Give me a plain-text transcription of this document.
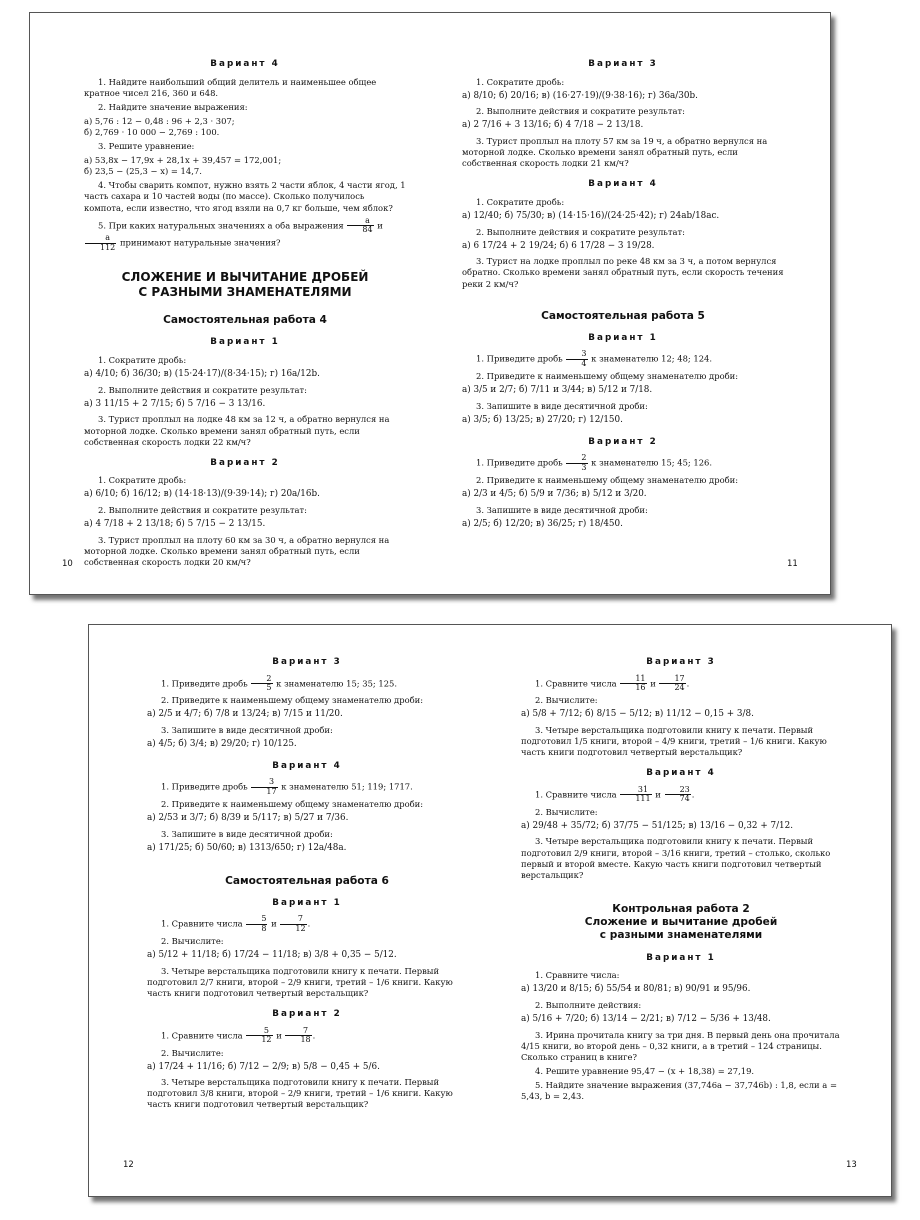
Вариант 4

1. Найдите наибольший общий делитель и наименьшее общее кратное чисел 216, 360 и 648.

2. Найдите значение выражения:

а) 5,76 : 12 − 0,48 : 96 + 2,3 · 307;

б) 2,769 · 10 000 − 2,769 : 100.

3. Решите уравнение:

а) 53,8x − 17,9x + 28,1x + 39,457 = 172,001;

б) 23,5 − (25,3 − x) = 14,7.

4. Чтобы сварить компот, нужно взять 2 части яблок, 4 части ягод, 1 часть сахара и 10 частей воды (по массе). Сколько получилось компота, если известно, что ягод взяли на 0,7 кг больше, чем яблок?

5. При каких натуральных значениях a оба выражения $\frac{a}{84}$ и
$\frac{a}{112}$ принимают натуральные значения?

СЛОЖЕНИЕ И ВЫЧИТАНИЕ ДРОБЕЙ
С РАЗНЫМИ ЗНАМЕНАТЕЛЯМИ
Самостоятельная работа 4
Вариант 1

1. Сократите дробь:

а) 4/10; б) 36/30; в) (15·24·17)/(8·34·15); г) 16a/12b.

2. Выполните действия и сократите результат:

а) 3 11/15 + 2 7/15; б) 5 7/16 − 3 13/16.

3. Турист проплыл на лодке 48 км за 12 ч, а обратно вернулся на моторной лодке. Сколько времени занял обратный путь, если собственная скорость лодки 22 км/ч?

Вариант 2

1. Сократите дробь:

а) 6/10; б) 16/12; в) (14·18·13)/(9·39·14); г) 20a/16b.

2. Выполните действия и сократите результат:

а) 4 7/18 + 2 13/18; б) 5 7/15 − 2 13/15.

3. Турист проплыл на плоту 60 км за 30 ч, а обратно вернулся на моторной лодке. Сколько времени занял обратный путь, если собственная скорость лодки 20 км/ч?

10
Вариант 3

1. Сократите дробь:

а) 8/10; б) 20/16; в) (16·27·19)/(9·38·16); г) 36a/30b.

2. Выполните действия и сократите результат:

а) 2 7/16 + 3 13/16; б) 4 7/18 − 2 13/18.

3. Турист проплыл на плоту 57 км за 19 ч, а обратно вернулся на моторной лодке. Сколько времени занял обратный путь, если собственная скорость лодки 21 км/ч?

Вариант 4

1. Сократите дробь:

а) 12/40; б) 75/30; в) (14·15·16)/(24·25·42); г) 24ab/18ac.

2. Выполните действия и сократите результат:

а) 6 17/24 + 2 19/24; б) 6 17/28 − 3 19/28.

3. Турист на лодке проплыл по реке 48 км за 3 ч, а потом вернулся обратно. Сколько времени занял обратный путь, если скорость течения реки 2 км/ч?

Самостоятельная работа 5
Вариант 1

1. Приведите дробь $\frac{3}{4}$ к знаменателю 12; 48; 124.

2. Приведите к наименьшему общему знаменателю дроби:

а) 3/5 и 2/7; б) 7/11 и 3/44; в) 5/12 и 7/18.

3. Запишите в виде десятичной дроби:

а) 3/5; б) 13/25; в) 27/20; г) 12/150.

Вариант 2

1. Приведите дробь $\frac{2}{3}$ к знаменателю 15; 45; 126.

2. Приведите к наименьшему общему знаменателю дроби:

а) 2/3 и 4/5; б) 5/9 и 7/36; в) 5/12 и 3/20.

3. Запишите в виде десятичной дроби:

а) 2/5; б) 12/20; в) 36/25; г) 18/450.

11
Вариант 3

1. Приведите дробь $\frac{2}{5}$ к знаменателю 15; 35; 125.

2. Приведите к наименьшему общему знаменателю дроби:

а) 2/5 и 4/7; б) 7/8 и 13/24; в) 7/15 и 11/20.

3. Запишите в виде десятичной дроби:

а) 4/5; б) 3/4; в) 29/20; г) 10/125.

Вариант 4

1. Приведите дробь $\frac{3}{17}$ к знаменателю 51; 119; 1717.

2. Приведите к наименьшему общему знаменателю дроби:

а) 2/53 и 3/7; б) 8/39 и 5/117; в) 5/27 и 7/36.

3. Запишите в виде десятичной дроби:

а) 171/25; б) 50/60; в) 1313/650; г) 12a/48a.

Самостоятельная работа 6
Вариант 1

1. Сравните числа $\frac{5}{8}$ и $\frac{7}{12}$ .

2. Вычислите:

а) 5/12 + 11/18; б) 17/24 − 11/18; в) 3/8 + 0,35 − 5/12.

3. Четыре верстальщика подготовили книгу к печати. Первый подготовил 2/7 книги, второй – 2/9 книги, третий – 1/6 книги. Какую часть книги подготовил четвертый верстальщик?

Вариант 2

1. Сравните числа $\frac{5}{12}$ и $\frac{7}{18}$ .

2. Вычислите:

а) 17/24 + 11/16; б) 7/12 − 2/9; в) 5/8 − 0,45 + 5/6.

3. Четыре верстальщика подготовили книгу к печати. Первый подготовил 3/8 книги, второй – 2/9 книги, третий – 1/6 книги. Какую часть книги подготовил четвертый верстальщик?

12
Вариант 3

1. Сравните числа $\frac{11}{16}$ и $\frac{17}{24}$ .

2. Вычислите:

а) 5/8 + 7/12; б) 8/15 − 5/12; в) 11/12 − 0,15 + 3/8.

3. Четыре верстальщика подготовили книгу к печати. Первый подготовил 1/5 книги, второй – 4/9 книги, третий – 1/6 книги. Какую часть книги подготовил четвертый верстальщик?

Вариант 4

1. Сравните числа $\frac{31}{111}$ и $\frac{23}{74}$ .

2. Вычислите:

а) 29/48 + 35/72; б) 37/75 − 51/125; в) 13/16 − 0,32 + 7/12.

3. Четыре верстальщика подготовили книгу к печати. Первый подготовил 2/9 книги, второй – 3/16 книги, третий – столько, сколько первый и второй вместе. Какую часть книги подготовил четвертый верстальщик?

Контрольная работа 2
Сложение и вычитание дробей
с разными знаменателями
Вариант 1

1. Сравните числа:

а) 13/20 и 8/15; б) 55/54 и 80/81; в) 90/91 и 95/96.

2. Выполните действия:

а) 5/16 + 7/20; б) 13/14 − 2/21; в) 7/12 − 5/36 + 13/48.

3. Ирина прочитала книгу за три дня. В первый день она прочитала 4/15 книги, во второй день – 0,32 книги, а в третий – 124 страницы. Сколько страниц в книге?

4. Решите уравнение 95,47 − (x + 18,38) = 27,19.

5. Найдите значение выражения (37,746a − 37,746b) : 1,8, если a = 5,43, b = 2,43.

13
